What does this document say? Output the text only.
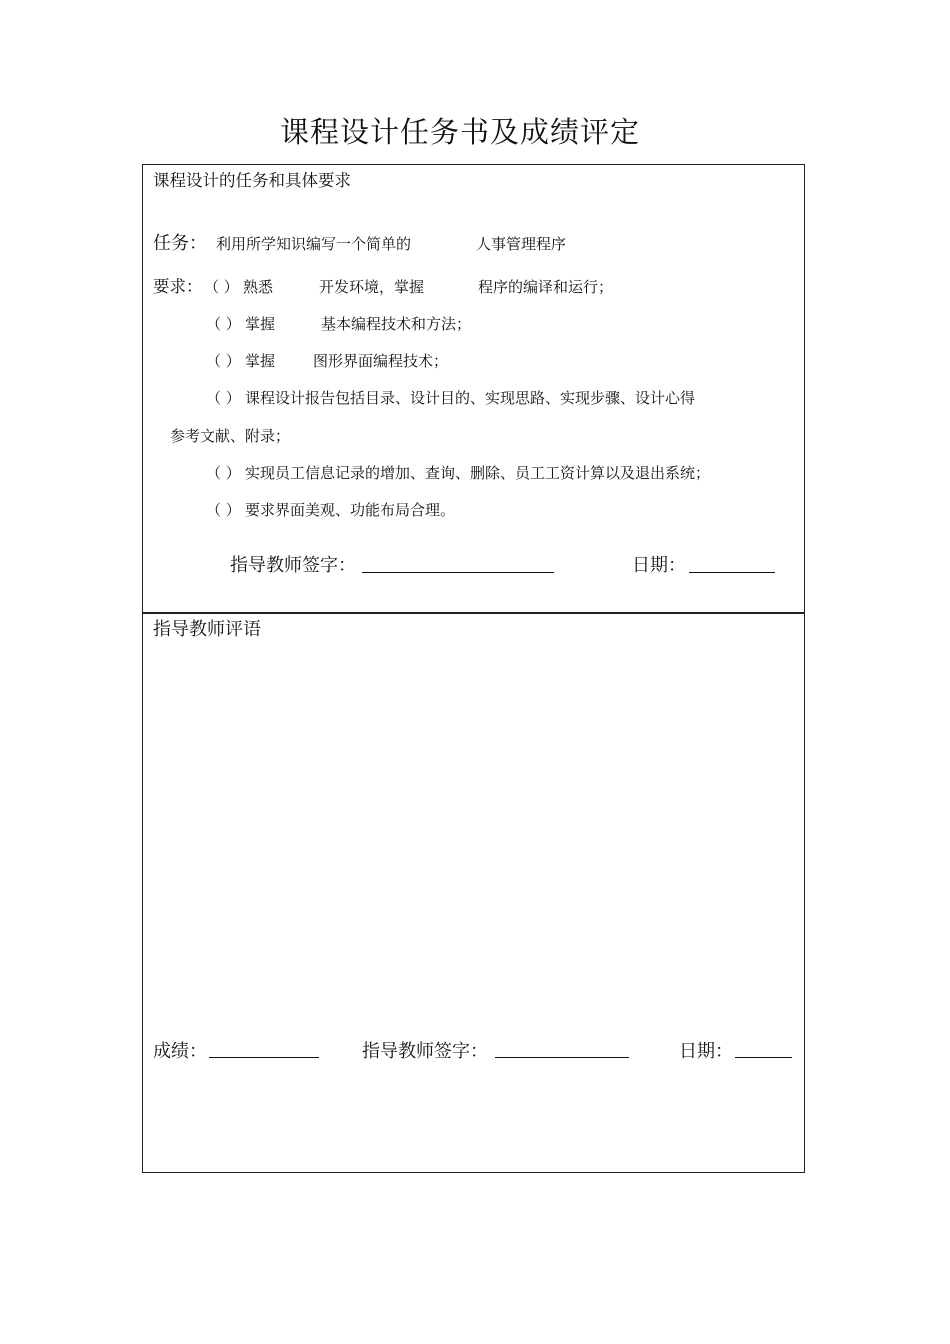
课程设计任务书及成绩评定
课程设计的任务和具体要求
任务： 利用所学知识编写一个简单的	人事管理程序
要求： （ ） 熟悉	开发环境，掌握	程序的编译和运行；
（ ） 掌握	基本编程技术和方法；
（ ） 掌握	图形界面编程技术；
（ ） 课程设计报告包括目录、设计目的、实现思路、实现步骤、设计心得
参考文献、附录；
（ ） 实现员工信息记录的增加、查询、删除、员工工资计算以及退出系统；
（ ） 要求界面美观、功能布局合理。
指导教师签字：	日期：
指导教师评语
成绩：	指导教师签字：	日期：
